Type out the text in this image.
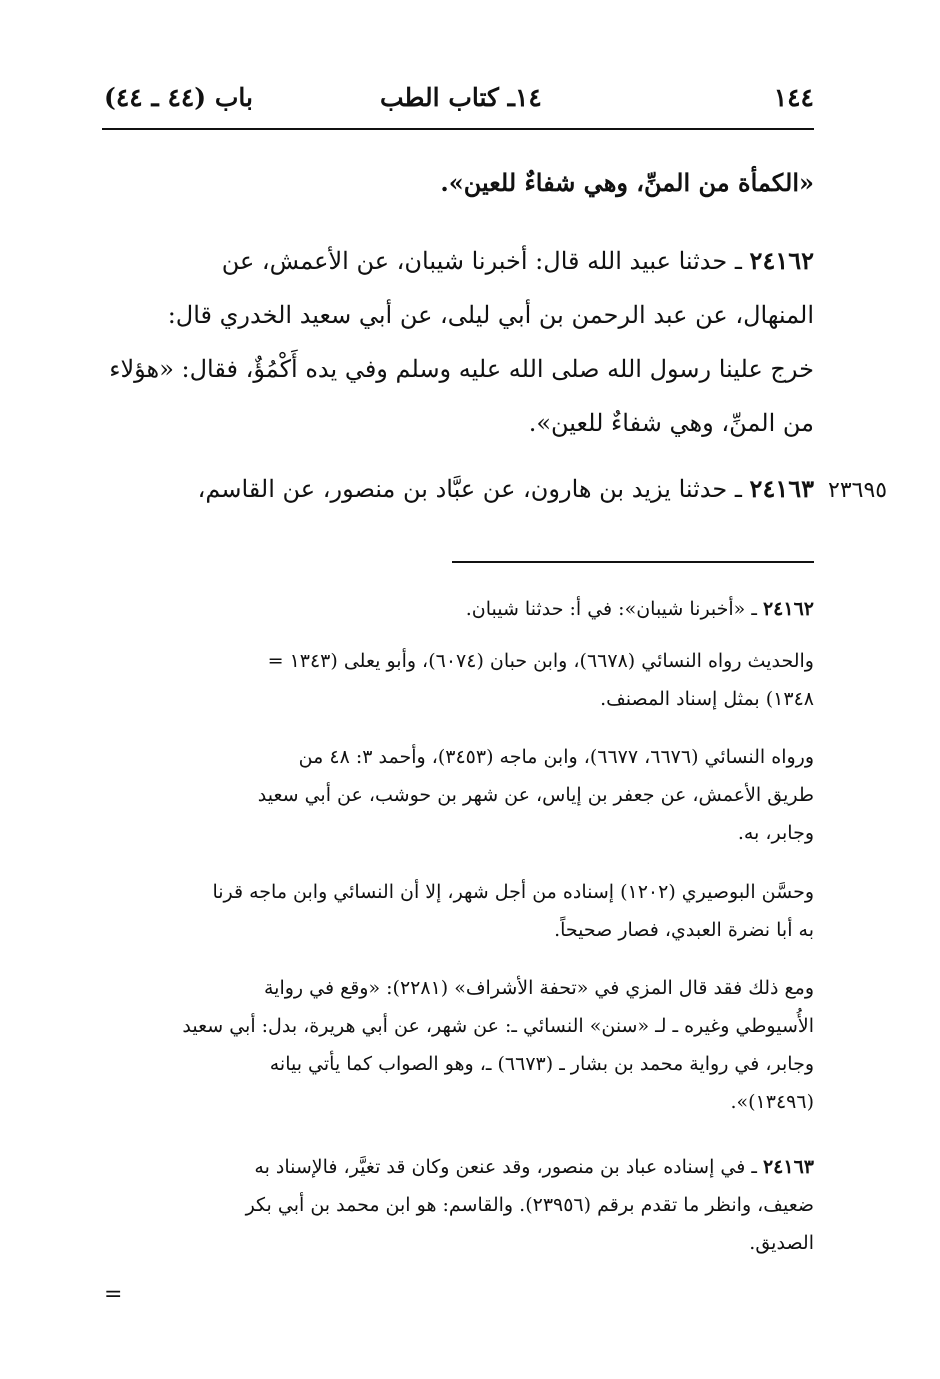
١٤٤
١٤ـ كتاب الطب
باب (٤٤ ـ ٤٤)
«الكمأة من المنِّ، وهي شفاءٌ للعين».
٢٤١٦٢ ـ حدثنا عبيد الله قال: أخبرنا شيبان، عن الأعمش، عن
المنهال، عن عبد الرحمن بن أبي ليلى، عن أبي سعيد الخدري قال:
خرج علينا رسول الله صلى الله عليه وسلم وفي يده أَكْمُؤٌ، فقال: «هؤلاء
من المنِّ، وهي شفاءٌ للعين».
٢٤١٦٣ ـ حدثنا يزيد بن هارون، عن عبَّاد بن منصور، عن القاسم،	٢٣٦٩٥
٢٤١٦٢ ـ «أخبرنا شيبان»: في أ: حدثنا شيبان.
والحديث رواه النسائي (٦٦٧٨)، وابن حبان (٦٠٧٤)، وأبو يعلى (١٣٤٣ =
١٣٤٨) بمثل إسناد المصنف.
ورواه النسائي (٦٦٧٦، ٦٦٧٧)، وابن ماجه (٣٤٥٣)، وأحمد ٣: ٤٨ من
طريق الأعمش، عن جعفر بن إياس، عن شهر بن حوشب، عن أبي سعيد
وجابر، به.
وحسَّن البوصيري (١٢٠٢) إسناده من أجل شهر، إلا أن النسائي وابن ماجه قرنا
به أبا نضرة العبدي، فصار صحيحاً.
ومع ذلك فقد قال المزي في «تحفة الأشراف» (٢٢٨١): «وقع في رواية
الأُسيوطي وغيره ـ لـ «سنن» النسائي ـ: عن شهر، عن أبي هريرة، بدل: أبي سعيد
وجابر، في رواية محمد بن بشار ـ (٦٦٧٣) ـ، وهو الصواب كما يأتي بيانه
(١٣٤٩٦)».
٢٤١٦٣ ـ في إسناده عباد بن منصور، وقد عنعن وكان قد تغيَّر، فالإسناد به
ضعيف، وانظر ما تقدم برقم (٢٣٩٥٦). والقاسم: هو ابن محمد بن أبي بكر
الصديق.
=
